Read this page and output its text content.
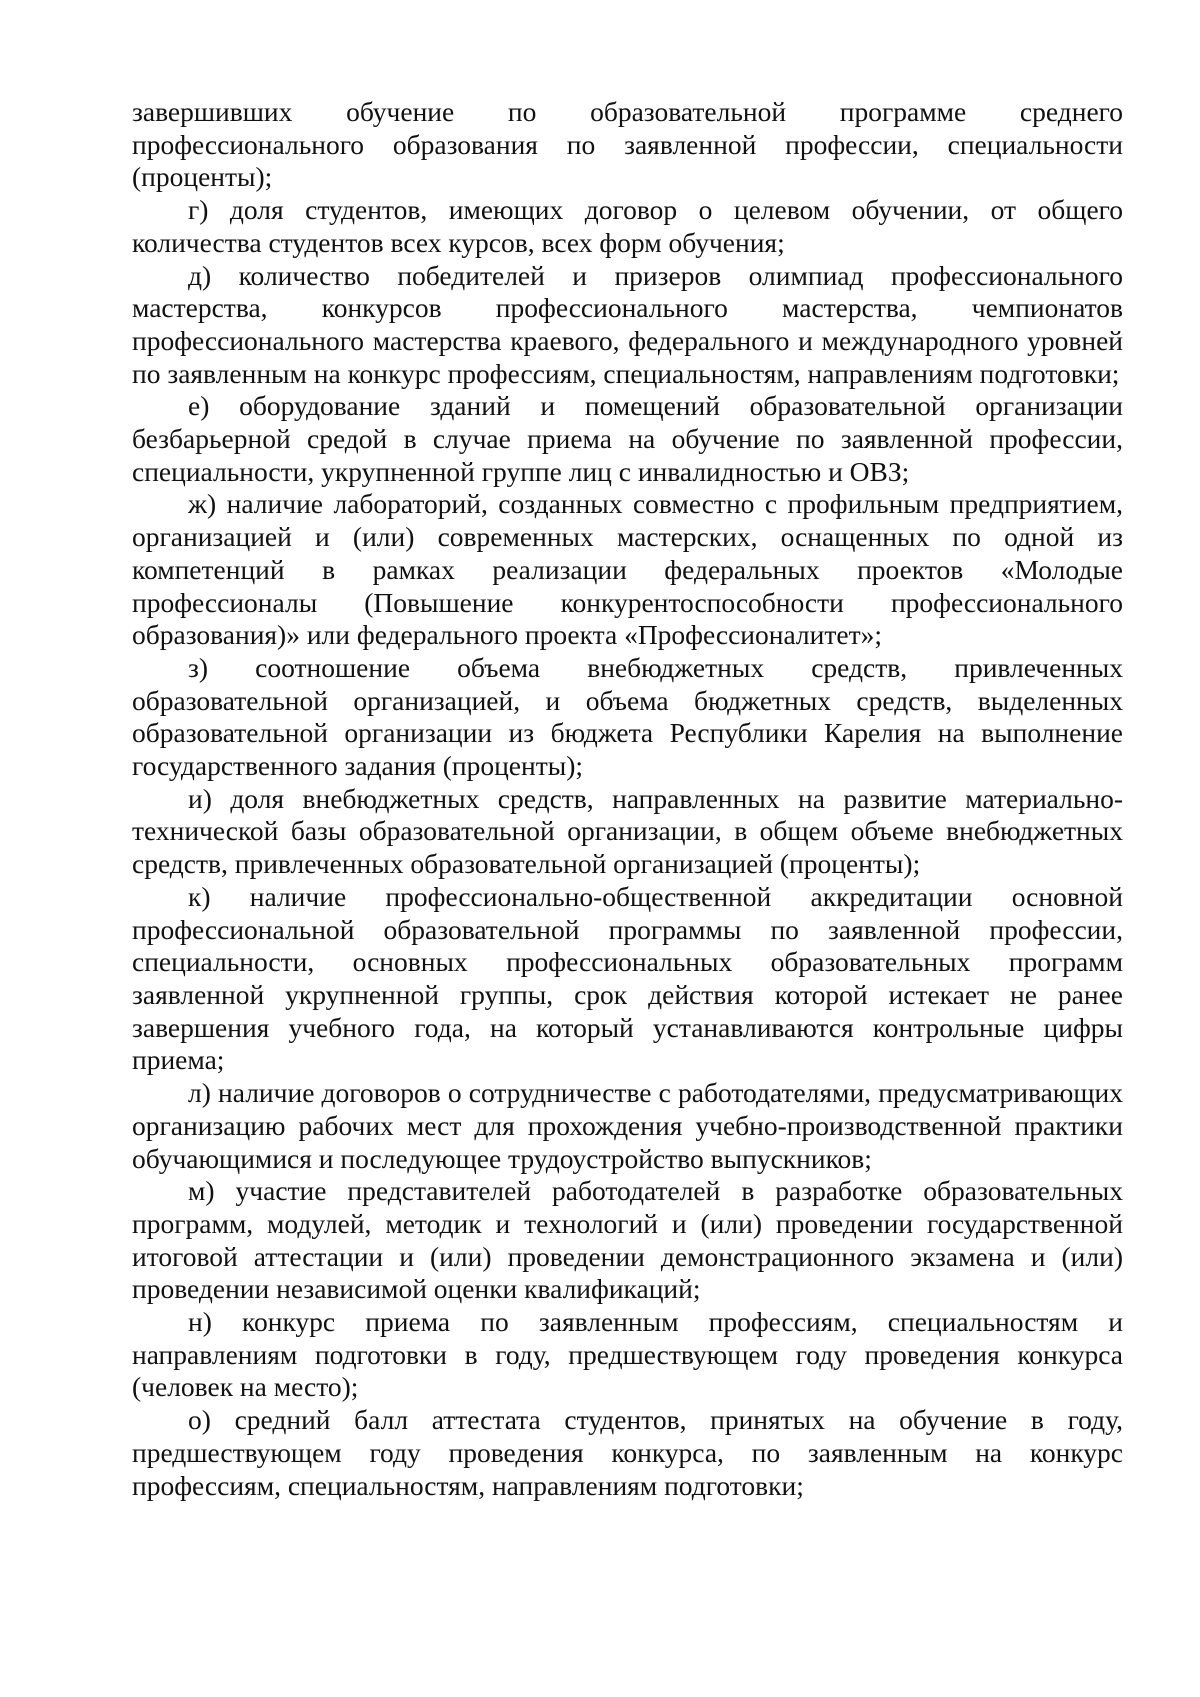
завершивших обучение по образовательной программе среднего профессионального образования по заявленной профессии, специальности (проценты);

г) доля студентов, имеющих договор о целевом обучении, от общего количества студентов всех курсов, всех форм обучения;

д) количество победителей и призеров олимпиад профессионального мастерства, конкурсов профессионального мастерства, чемпионатов профессионального мастерства краевого, федерального и международного уровней по заявленным на конкурс профессиям, специальностям, направлениям подготовки;

е) оборудование зданий и помещений образовательной организации безбарьерной средой в случае приема на обучение по заявленной профессии, специальности, укрупненной группе лиц с инвалидностью и ОВЗ;

ж) наличие лабораторий, созданных совместно с профильным предприятием, организацией и (или) современных мастерских, оснащенных по одной из компетенций в рамках реализации федеральных проектов «Молодые профессионалы (Повышение конкурентоспособности профессионального образования)» или федерального проекта «Профессионалитет»;

з) соотношение объема внебюджетных средств, привлеченных образовательной организацией, и объема бюджетных средств, выделенных образовательной организации из бюджета Республики Карелия на выполнение государственного задания (проценты);

и) доля внебюджетных средств, направленных на развитие материально-технической базы образовательной организации, в общем объеме внебюджетных средств, привлеченных образовательной организацией (проценты);

к) наличие профессионально-общественной аккредитации основной профессиональной образовательной программы по заявленной профессии, специальности, основных профессиональных образовательных программ заявленной укрупненной группы, срок действия которой истекает не ранее завершения учебного года, на который устанавливаются контрольные цифры приема;

л) наличие договоров о сотрудничестве с работодателями, предусматривающих организацию рабочих мест для прохождения учебно-производственной практики обучающимися и последующее трудоустройство выпускников;

м) участие представителей работодателей в разработке образовательных программ, модулей, методик и технологий и (или) проведении государственной итоговой аттестации и (или) проведении демонстрационного экзамена и (или) проведении независимой оценки квалификаций;

н) конкурс приема по заявленным профессиям, специальностям и направлениям подготовки в году, предшествующем году проведения конкурса (человек на место);

о) средний балл аттестата студентов, принятых на обучение в году, предшествующем году проведения конкурса, по заявленным на конкурс профессиям, специальностям, направлениям подготовки;
